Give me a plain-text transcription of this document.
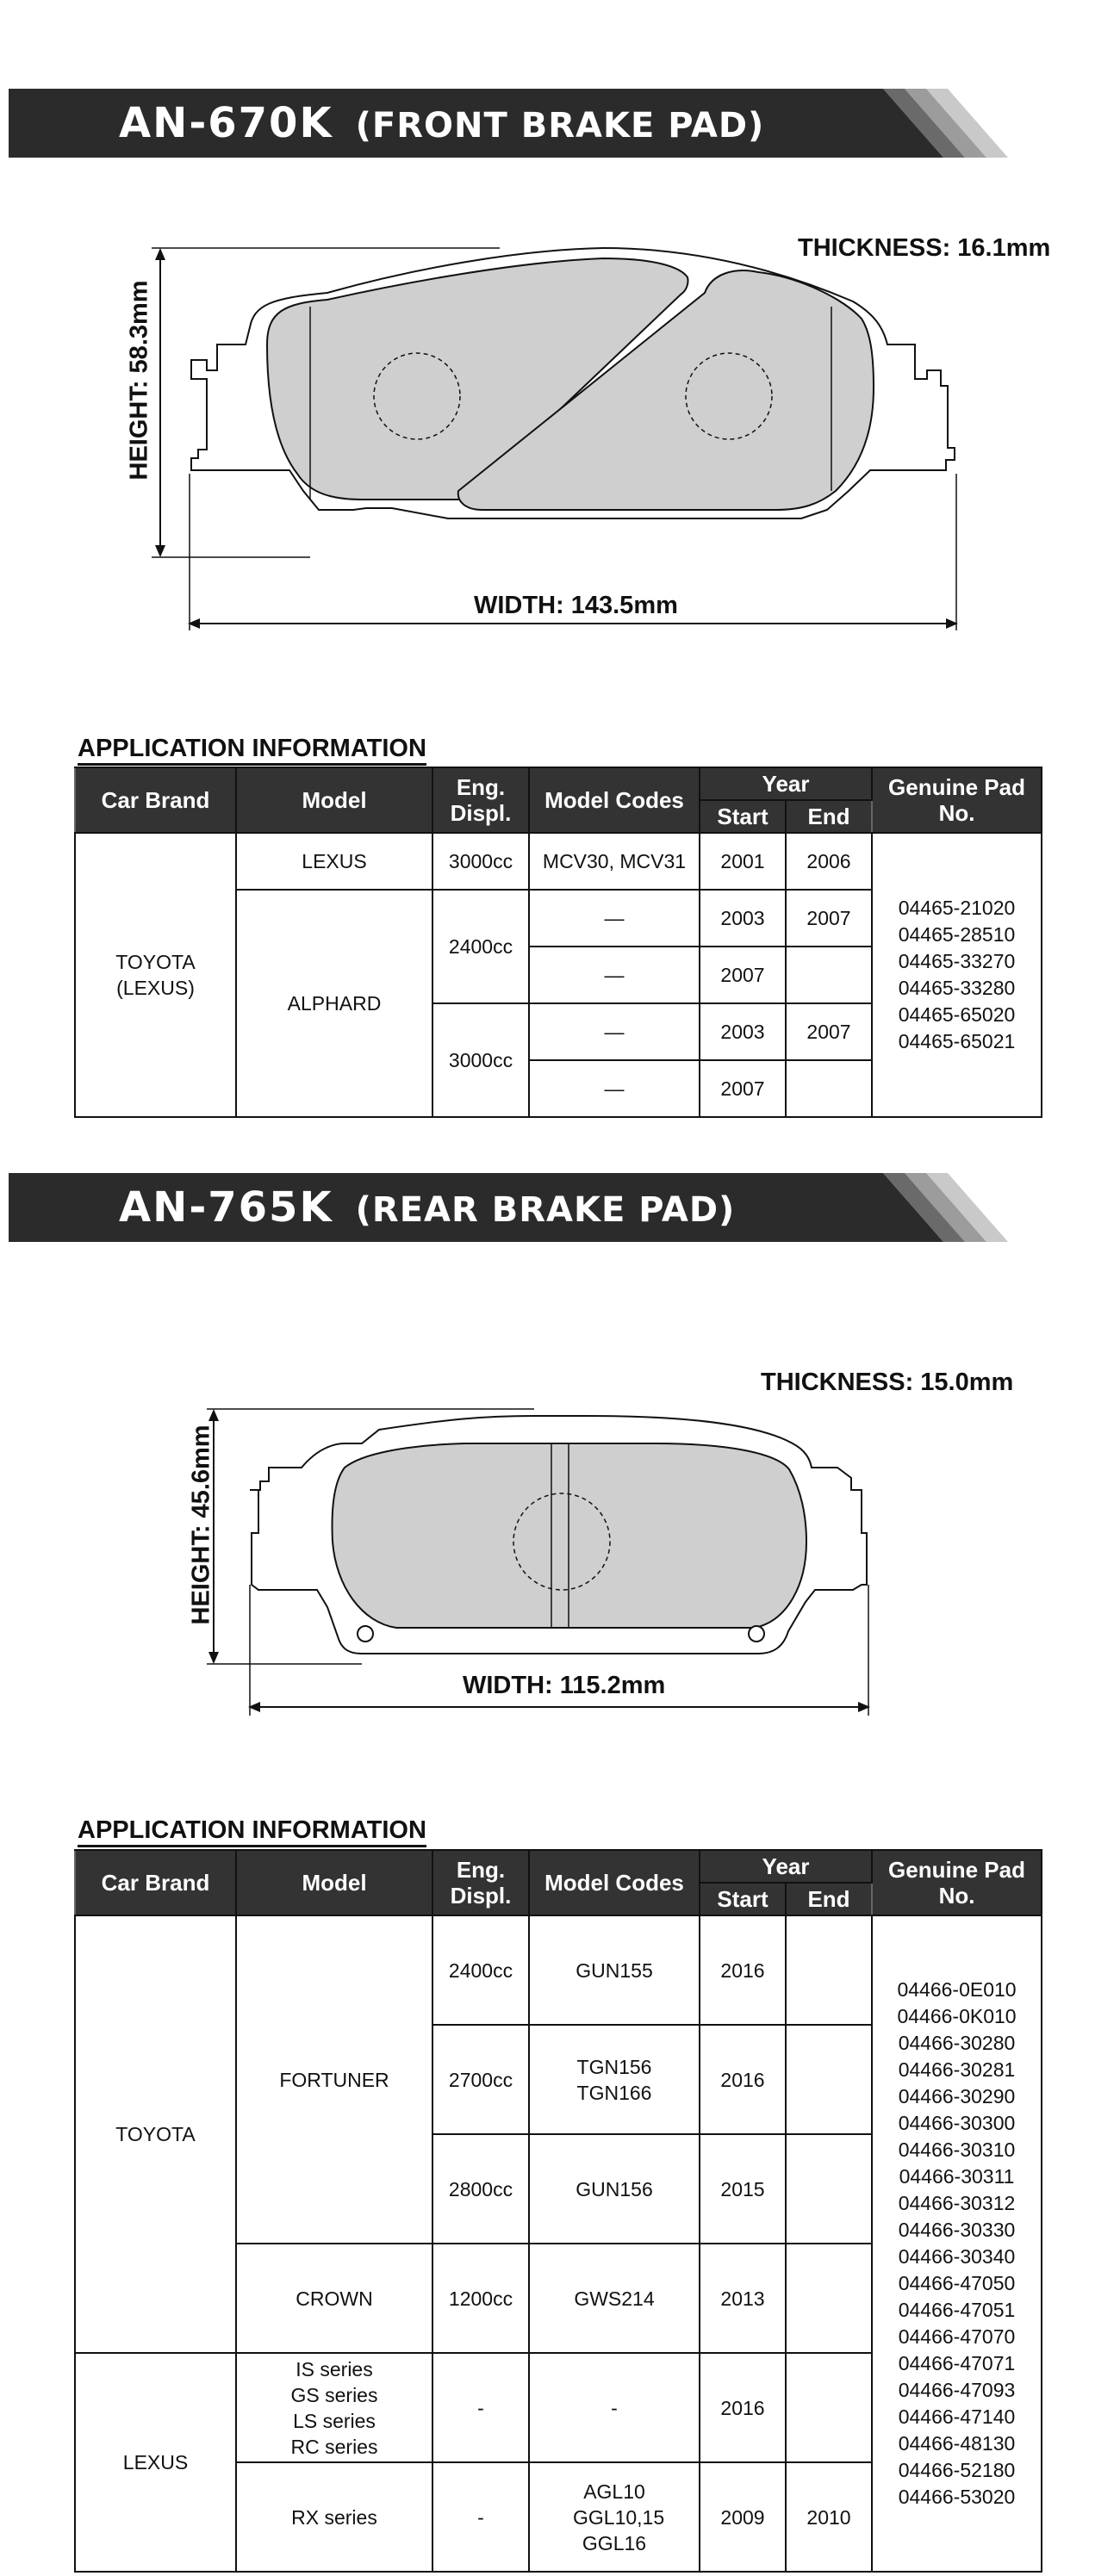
AN-670K (FRONT BRAKE PAD)
THICKNESS: 16.1mm
HEIGHT: 58.3mm
WIDTH: 143.5mm
APPLICATION INFORMATION
Car Brand	Model	Eng. Displ.	Model Codes	Year		Genuine Pad No.
				Start	End	
TOYOTA (LEXUS)	LEXUS	3000cc	MCV30, MCV31	2001	2006	04465-21020 04465-28510 04465-33270 04465-33280 04465-65020 04465-65021
	ALPHARD	2400cc	—	2003	2007	
			—	2007		
		3000cc	—	2003	2007	
			—	2007		
AN-765K (REAR BRAKE PAD)
THICKNESS: 15.0mm
HEIGHT: 45.6mm
WIDTH: 115.2mm
APPLICATION INFORMATION
Car Brand	Model	Eng. Displ.	Model Codes	Year		Genuine Pad No.
				Start	End	
TOYOTA	FORTUNER	2400cc	GUN155	2016		04466-0E010 04466-0K010 04466-30280 04466-30281 04466-30290 04466-30300 04466-30310 04466-30311 04466-30312 04466-30330 04466-30340 04466-47050 04466-47051 04466-47070 04466-47071 04466-47093 04466-47140 04466-48130 04466-52180 04466-53020
		2700cc	TGN156 TGN166	2016		
		2800cc	GUN156	2015		
	CROWN	1200cc	GWS214	2013		
LEXUS	IS series GS series LS series RC series	-	-	2016		
	RX series	-	AGL10 GGL10,15 GGL16	2009	2010	
